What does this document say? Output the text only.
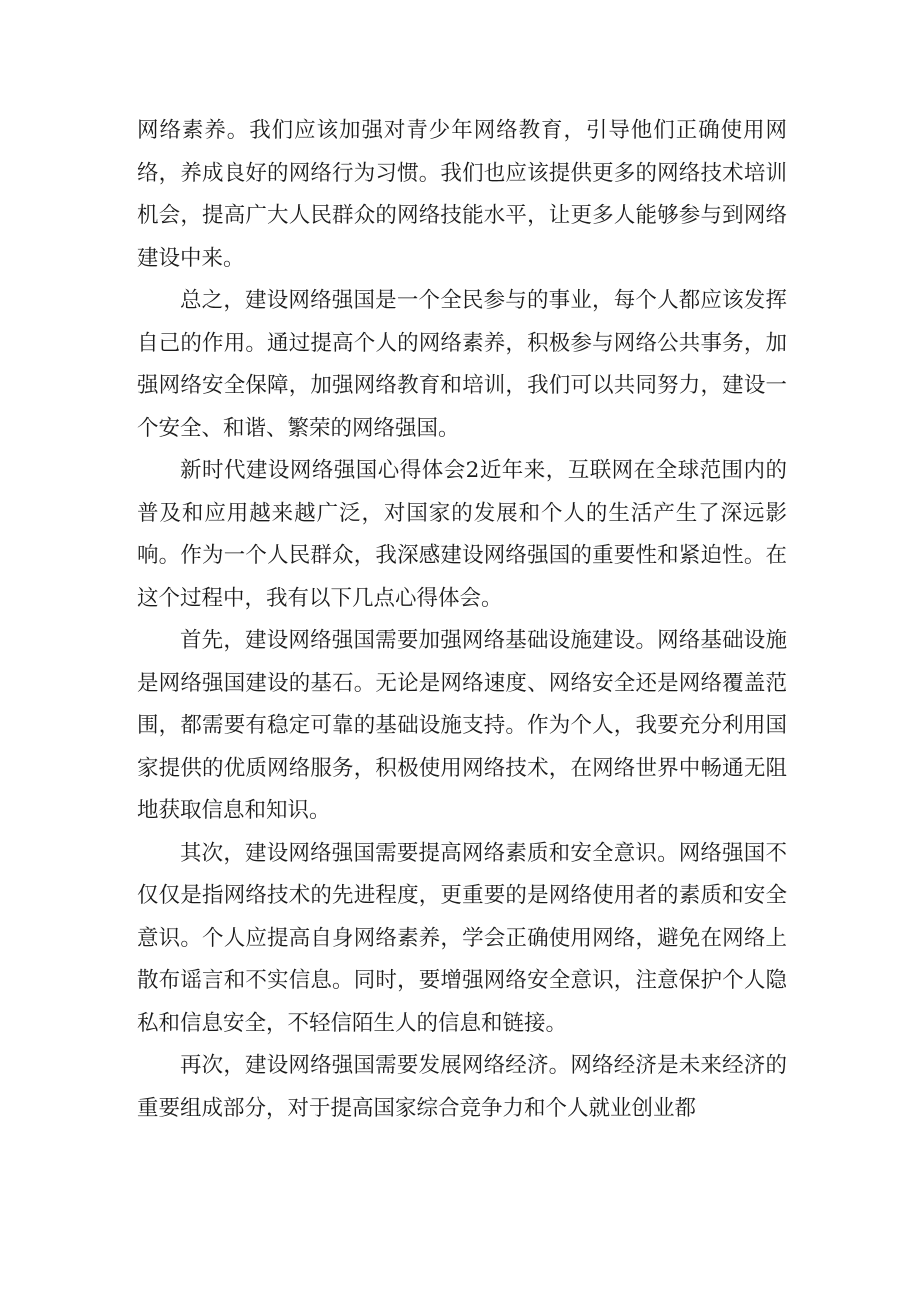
网络素养。我们应该加强对青少年网络教育，引导他们正确使用网络，养成良好的网络行为习惯。我们也应该提供更多的网络技术培训机会，提高广大人民群众的网络技能水平，让更多人能够参与到网络建设中来。

总之，建设网络强国是一个全民参与的事业，每个人都应该发挥自己的作用。通过提高个人的网络素养，积极参与网络公共事务，加强网络安全保障，加强网络教育和培训，我们可以共同努力，建设一个安全、和谐、繁荣的网络强国。

新时代建设网络强国心得体会2近年来，互联网在全球范围内的普及和应用越来越广泛，对国家的发展和个人的生活产生了深远影响。作为一个人民群众，我深感建设网络强国的重要性和紧迫性。在这个过程中，我有以下几点心得体会。

首先，建设网络强国需要加强网络基础设施建设。网络基础设施是网络强国建设的基石。无论是网络速度、网络安全还是网络覆盖范围，都需要有稳定可靠的基础设施支持。作为个人，我要充分利用国家提供的优质网络服务，积极使用网络技术，在网络世界中畅通无阻地获取信息和知识。

其次，建设网络强国需要提高网络素质和安全意识。网络强国不仅仅是指网络技术的先进程度，更重要的是网络使用者的素质和安全意识。个人应提高自身网络素养，学会正确使用网络，避免在网络上散布谣言和不实信息。同时，要增强网络安全意识，注意保护个人隐私和信息安全，不轻信陌生人的信息和链接。

再次，建设网络强国需要发展网络经济。网络经济是未来经济的重要组成部分，对于提高国家综合竞争力和个人就业创业都
